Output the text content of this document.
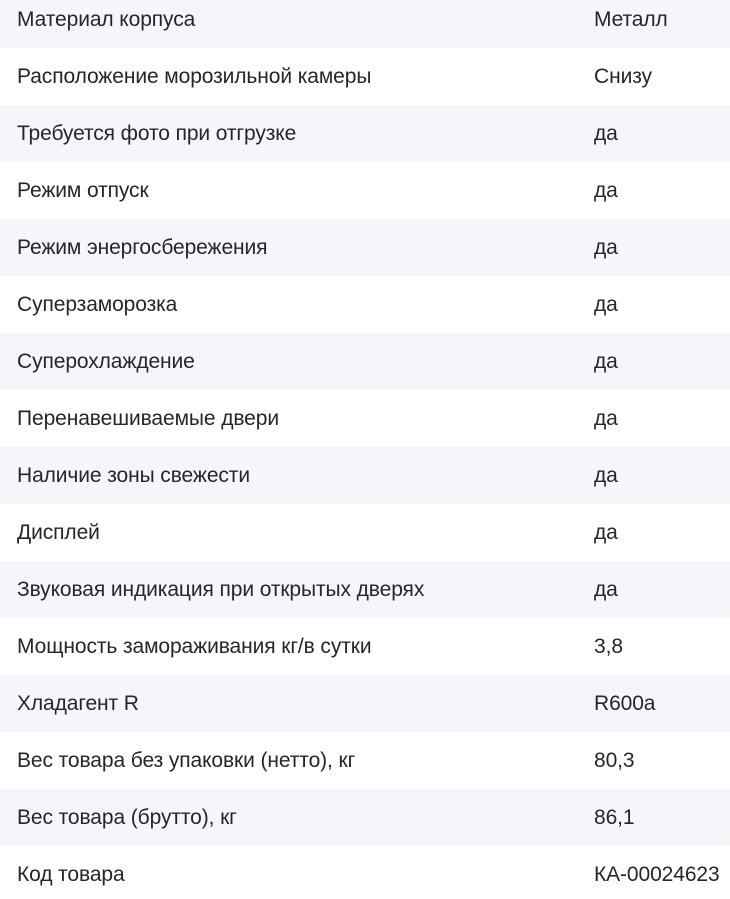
Материал корпуса	Металл
Расположение морозильной камеры	Снизу
Требуется фото при отгрузке	да
Режим отпуск	да
Режим энергосбережения	да
Суперзаморозка	да
Суперохлаждение	да
Перенавешиваемые двери	да
Наличие зоны свежести	да
Дисплей	да
Звуковая индикация при открытых дверях	да
Мощность замораживания кг/в сутки	3,8
Хладагент R	R600a
Вес товара без упаковки (нетто), кг	80,3
Вес товара (брутто), кг	86,1
Код товара	КА-00024623
